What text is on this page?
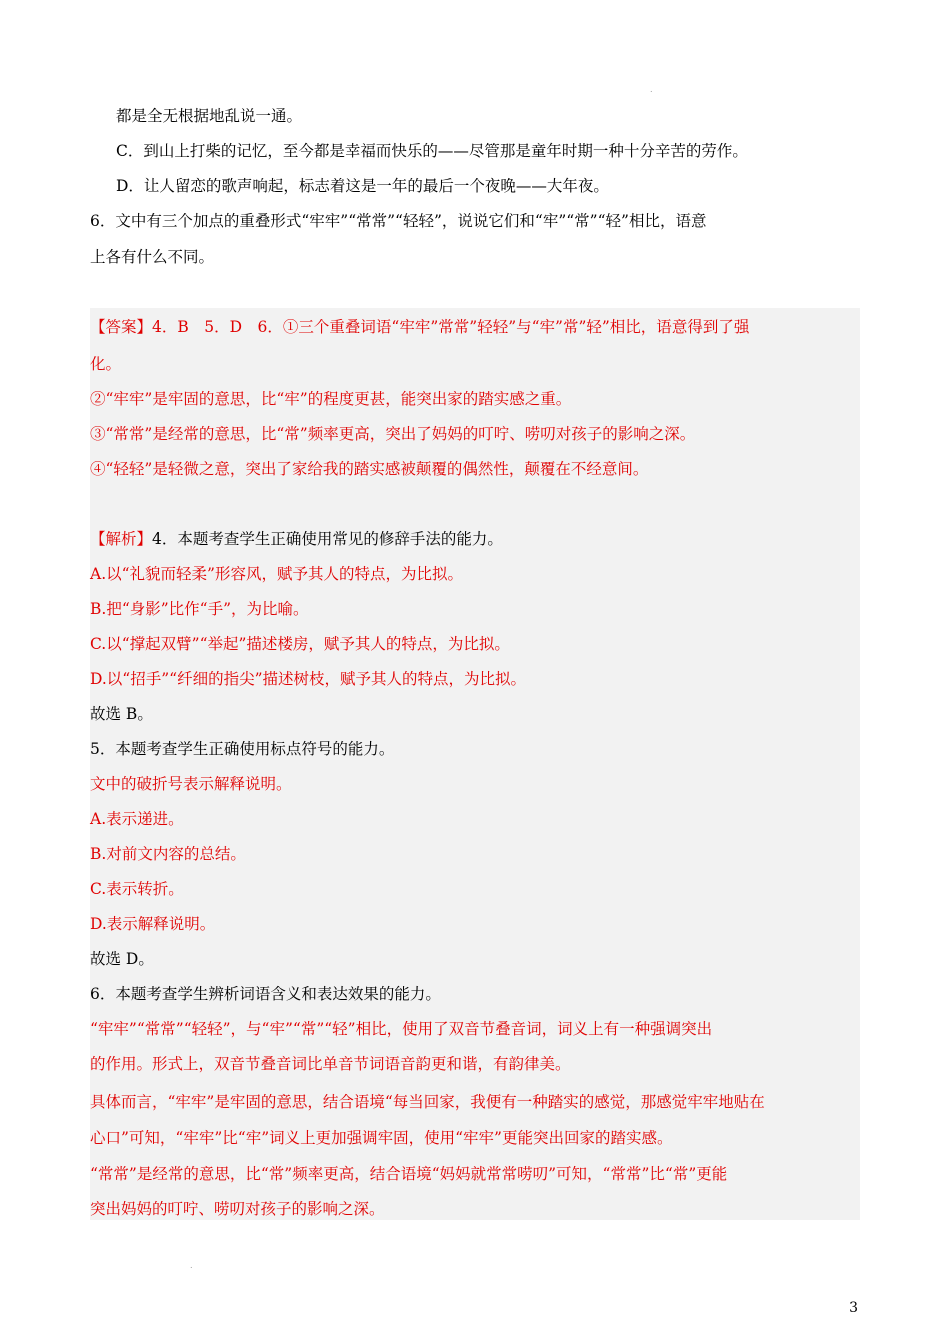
.
.
都是全无根据地乱说一通。
C．到山上打柴的记忆，至今都是幸福而快乐的——尽管那是童年时期一种十分辛苦的劳作。
D．让人留恋的歌声响起，标志着这是一年的最后一个夜晚——大年夜。
6．文中有三个加点的重叠形式“牢牢”“常常”“轻轻”，说说它们和“牢”“常”“轻”相比，语意
上各有什么不同。
【答案】4．B　5．D　6．①三个重叠词语“牢牢”常常”轻轻”与“牢”常”轻”相比，语意得到了强
化。
②“牢牢”是牢固的意思，比“牢”的程度更甚，能突出家的踏实感之重。
③“常常”是经常的意思，比“常”频率更高，突出了妈妈的叮咛、唠叨对孩子的影响之深。
④“轻轻”是轻微之意，突出了家给我的踏实感被颠覆的偶然性，颠覆在不经意间。
【解析】4．本题考查学生正确使用常见的修辞手法的能力。
A.以“礼貌而轻柔”形容风，赋予其人的特点，为比拟。
B.把“身影”比作“手”，为比喻。
C.以“撑起双臂”“举起”描述楼房，赋予其人的特点，为比拟。
D.以“招手”“纤细的指尖”描述树枝，赋予其人的特点，为比拟。
故选 B。
5．本题考查学生正确使用标点符号的能力。
文中的破折号表示解释说明。
A.表示递进。
B.对前文内容的总结。
C.表示转折。
D.表示解释说明。
故选 D。
6．本题考查学生辨析词语含义和表达效果的能力。
“牢牢”“常常”“轻轻”，与“牢”“常”“轻”相比，使用了双音节叠音词，词义上有一种强调突出
的作用。形式上，双音节叠音词比单音节词语音韵更和谐，有韵律美。
具体而言，“牢牢”是牢固的意思，结合语境“每当回家，我便有一种踏实的感觉，那感觉牢牢地贴在
心口”可知，“牢牢”比“牢”词义上更加强调牢固，使用“牢牢”更能突出回家的踏实感。
“常常”是经常的意思，比“常”频率更高，结合语境“妈妈就常常唠叨”可知，“常常”比“常”更能
突出妈妈的叮咛、唠叨对孩子的影响之深。
3
